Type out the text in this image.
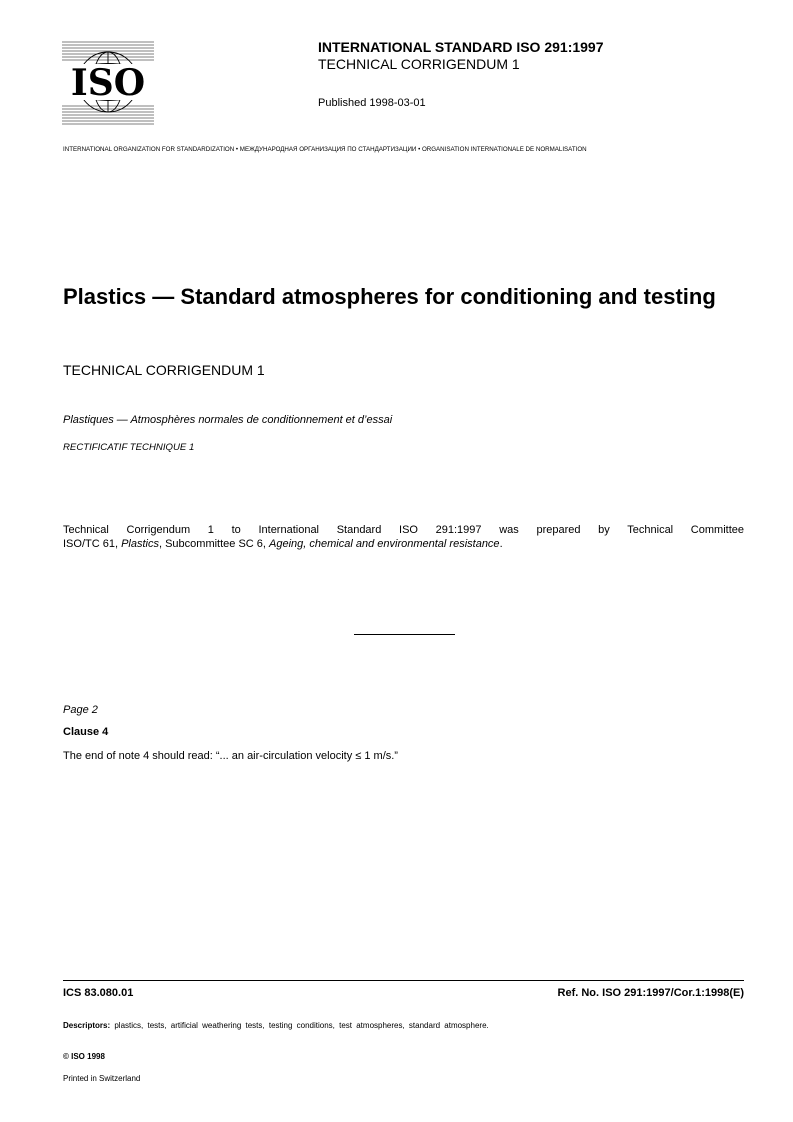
ISO
INTERNATIONAL STANDARD ISO 291:1997
TECHNICAL CORRIGENDUM 1
Published 1998-03-01
INTERNATIONAL ORGANIZATION FOR STANDARDIZATION • МЕЖДУНАРОДНАЯ ОРГАНИЗАЦИЯ ПО СТАНДАРТИЗАЦИИ • ORGANISATION INTERNATIONALE DE NORMALISATION
Plastics — Standard atmospheres for conditioning and testing
TECHNICAL CORRIGENDUM 1
Plastiques — Atmosphères normales de conditionnement et d’essai
RECTIFICATIF TECHNIQUE 1
Technical Corrigendum 1 to International Standard ISO 291:1997 was prepared by Technical Committee
ISO/TC 61, Plastics, Subcommittee SC 6, Ageing, chemical and environmental resistance.
Page 2
Clause 4
The end of note 4 should read: “... an air-circulation velocity ≤ 1 m/s.”
ICS 83.080.01	Ref. No. ISO 291:1997/Cor.1:1998(E)
Descriptors: plastics, tests, artificial weathering tests, testing conditions, test atmospheres, standard atmosphere.
© ISO 1998
Printed in Switzerland
